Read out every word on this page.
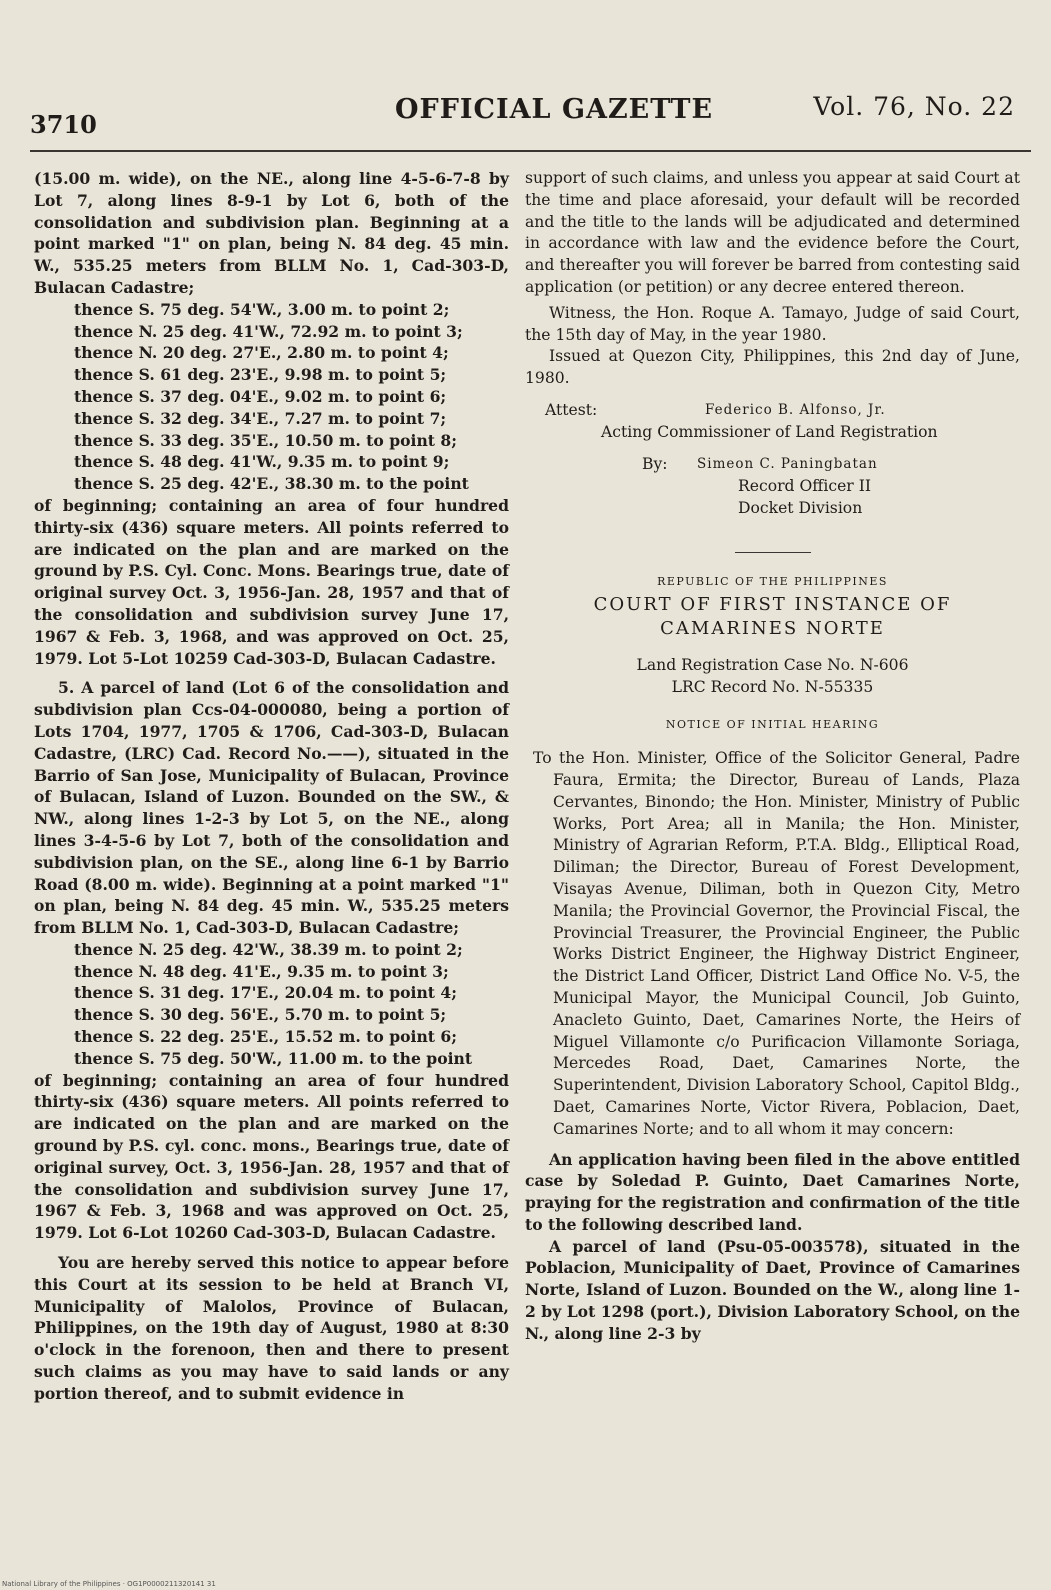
3710	OFFICIAL GAZETTE	Vol. 76, No. 22

(15.00 m. wide), on the NE., along line 4-5-6-7-8 by Lot 7, along lines 8-9-1 by Lot 6, both of the consolidation and subdivision plan. Beginning at a point marked "1" on plan, being N. 84 deg. 45 min. W., 535.25 meters from BLLM No. 1, Cad-303-D, Bulacan Cadastre;

thence S. 75 deg. 54'W., 3.00 m. to point 2;
thence N. 25 deg. 41'W., 72.92 m. to point 3;
thence N. 20 deg. 27'E., 2.80 m. to point 4;
thence S. 61 deg. 23'E., 9.98 m. to point 5;
thence S. 37 deg. 04'E., 9.02 m. to point 6;
thence S. 32 deg. 34'E., 7.27 m. to point 7;
thence S. 33 deg. 35'E., 10.50 m. to point 8;
thence S. 48 deg. 41'W., 9.35 m. to point 9;
thence S. 25 deg. 42'E., 38.30 m. to the point

of beginning; containing an area of four hundred thirty-six (436) square meters. All points referred to are indicated on the plan and are marked on the ground by P.S. Cyl. Conc. Mons. Bearings true, date of original survey Oct. 3, 1956-Jan. 28, 1957 and that of the consolidation and subdivision survey June 17, 1967 & Feb. 3, 1968, and was approved on Oct. 25, 1979. Lot 5-Lot 10259 Cad-303-D, Bulacan Cadastre.

5. A parcel of land (Lot 6 of the consolidation and subdivision plan Ccs-04-000080, being a portion of Lots 1704, 1977, 1705 & 1706, Cad-303-D, Bulacan Cadastre, (LRC) Cad. Record No.——), situated in the Barrio of San Jose, Municipality of Bulacan, Province of Bulacan, Island of Luzon. Bounded on the SW., & NW., along lines 1-2-3 by Lot 5, on the NE., along lines 3-4-5-6 by Lot 7, both of the consolidation and subdivision plan, on the SE., along line 6-1 by Barrio Road (8.00 m. wide). Beginning at a point marked "1" on plan, being N. 84 deg. 45 min. W., 535.25 meters from BLLM No. 1, Cad-303-D, Bulacan Cadastre;

thence N. 25 deg. 42'W., 38.39 m. to point 2;
thence N. 48 deg. 41'E., 9.35 m. to point 3;
thence S. 31 deg. 17'E., 20.04 m. to point 4;
thence S. 30 deg. 56'E., 5.70 m. to point 5;
thence S. 22 deg. 25'E., 15.52 m. to point 6;
thence S. 75 deg. 50'W., 11.00 m. to the point

of beginning; containing an area of four hundred thirty-six (436) square meters. All points referred to are indicated on the plan and are marked on the ground by P.S. cyl. conc. mons., Bearings true, date of original survey, Oct. 3, 1956-Jan. 28, 1957 and that of the consolidation and subdivision survey June 17, 1967 & Feb. 3, 1968 and was approved on Oct. 25, 1979. Lot 6-Lot 10260 Cad-303-D, Bulacan Cadastre.

You are hereby served this notice to appear before this Court at its session to be held at Branch VI, Municipality of Malolos, Province of Bulacan, Philippines, on the 19th day of August, 1980 at 8:30 o'clock in the forenoon, then and there to present such claims as you may have to said lands or any portion thereof, and to submit evidence in

support of such claims, and unless you appear at said Court at the time and place aforesaid, your default will be recorded and the title to the lands will be adjudicated and determined in accordance with law and the evidence before the Court, and thereafter you will forever be barred from contesting said application (or petition) or any decree entered thereon.

Witness, the Hon. Roque A. Tamayo, Judge of said Court, the 15th day of May, in the year 1980.

Issued at Quezon City, Philippines, this 2nd day of June, 1980.

Attest:	Federico B. Alfonso, Jr.
Acting Commissioner of Land Registration
By: Simeon C. Paningbatan
Record Officer II
Docket Division
REPUBLIC OF THE PHILIPPINES
COURT OF FIRST INSTANCE OF
CAMARINES NORTE
Land Registration Case No. N-606
LRC Record No. N-55335
NOTICE OF INITIAL HEARING

To the Hon. Minister, Office of the Solicitor General, Padre Faura, Ermita; the Director, Bureau of Lands, Plaza Cervantes, Binondo; the Hon. Minister, Ministry of Public Works, Port Area; all in Manila; the Hon. Minister, Ministry of Agrarian Reform, P.T.A. Bldg., Elliptical Road, Diliman; the Director, Bureau of Forest Development, Visayas Avenue, Diliman, both in Quezon City, Metro Manila; the Provincial Governor, the Provincial Fiscal, the Provincial Treasurer, the Provincial Engineer, the Public Works District Engineer, the Highway District Engineer, the District Land Officer, District Land Office No. V-5, the Municipal Mayor, the Municipal Council, Job Guinto, Anacleto Guinto, Daet, Camarines Norte, the Heirs of Miguel Villamonte c/o Purificacion Villamonte Soriaga, Mercedes Road, Daet, Camarines Norte, the Superintendent, Division Laboratory School, Capitol Bldg., Daet, Camarines Norte, Victor Rivera, Poblacion, Daet, Camarines Norte; and to all whom it may concern:

An application having been filed in the above entitled case by Soledad P. Guinto, Daet Camarines Norte, praying for the registration and confirmation of the title to the following described land.

A parcel of land (Psu-05-003578), situated in the Poblacion, Municipality of Daet, Province of Camarines Norte, Island of Luzon. Bounded on the W., along line 1-2 by Lot 1298 (port.), Division Laboratory School, on the N., along line 2-3 by

National Library of the Philippines · OG1P0000211320141 31
